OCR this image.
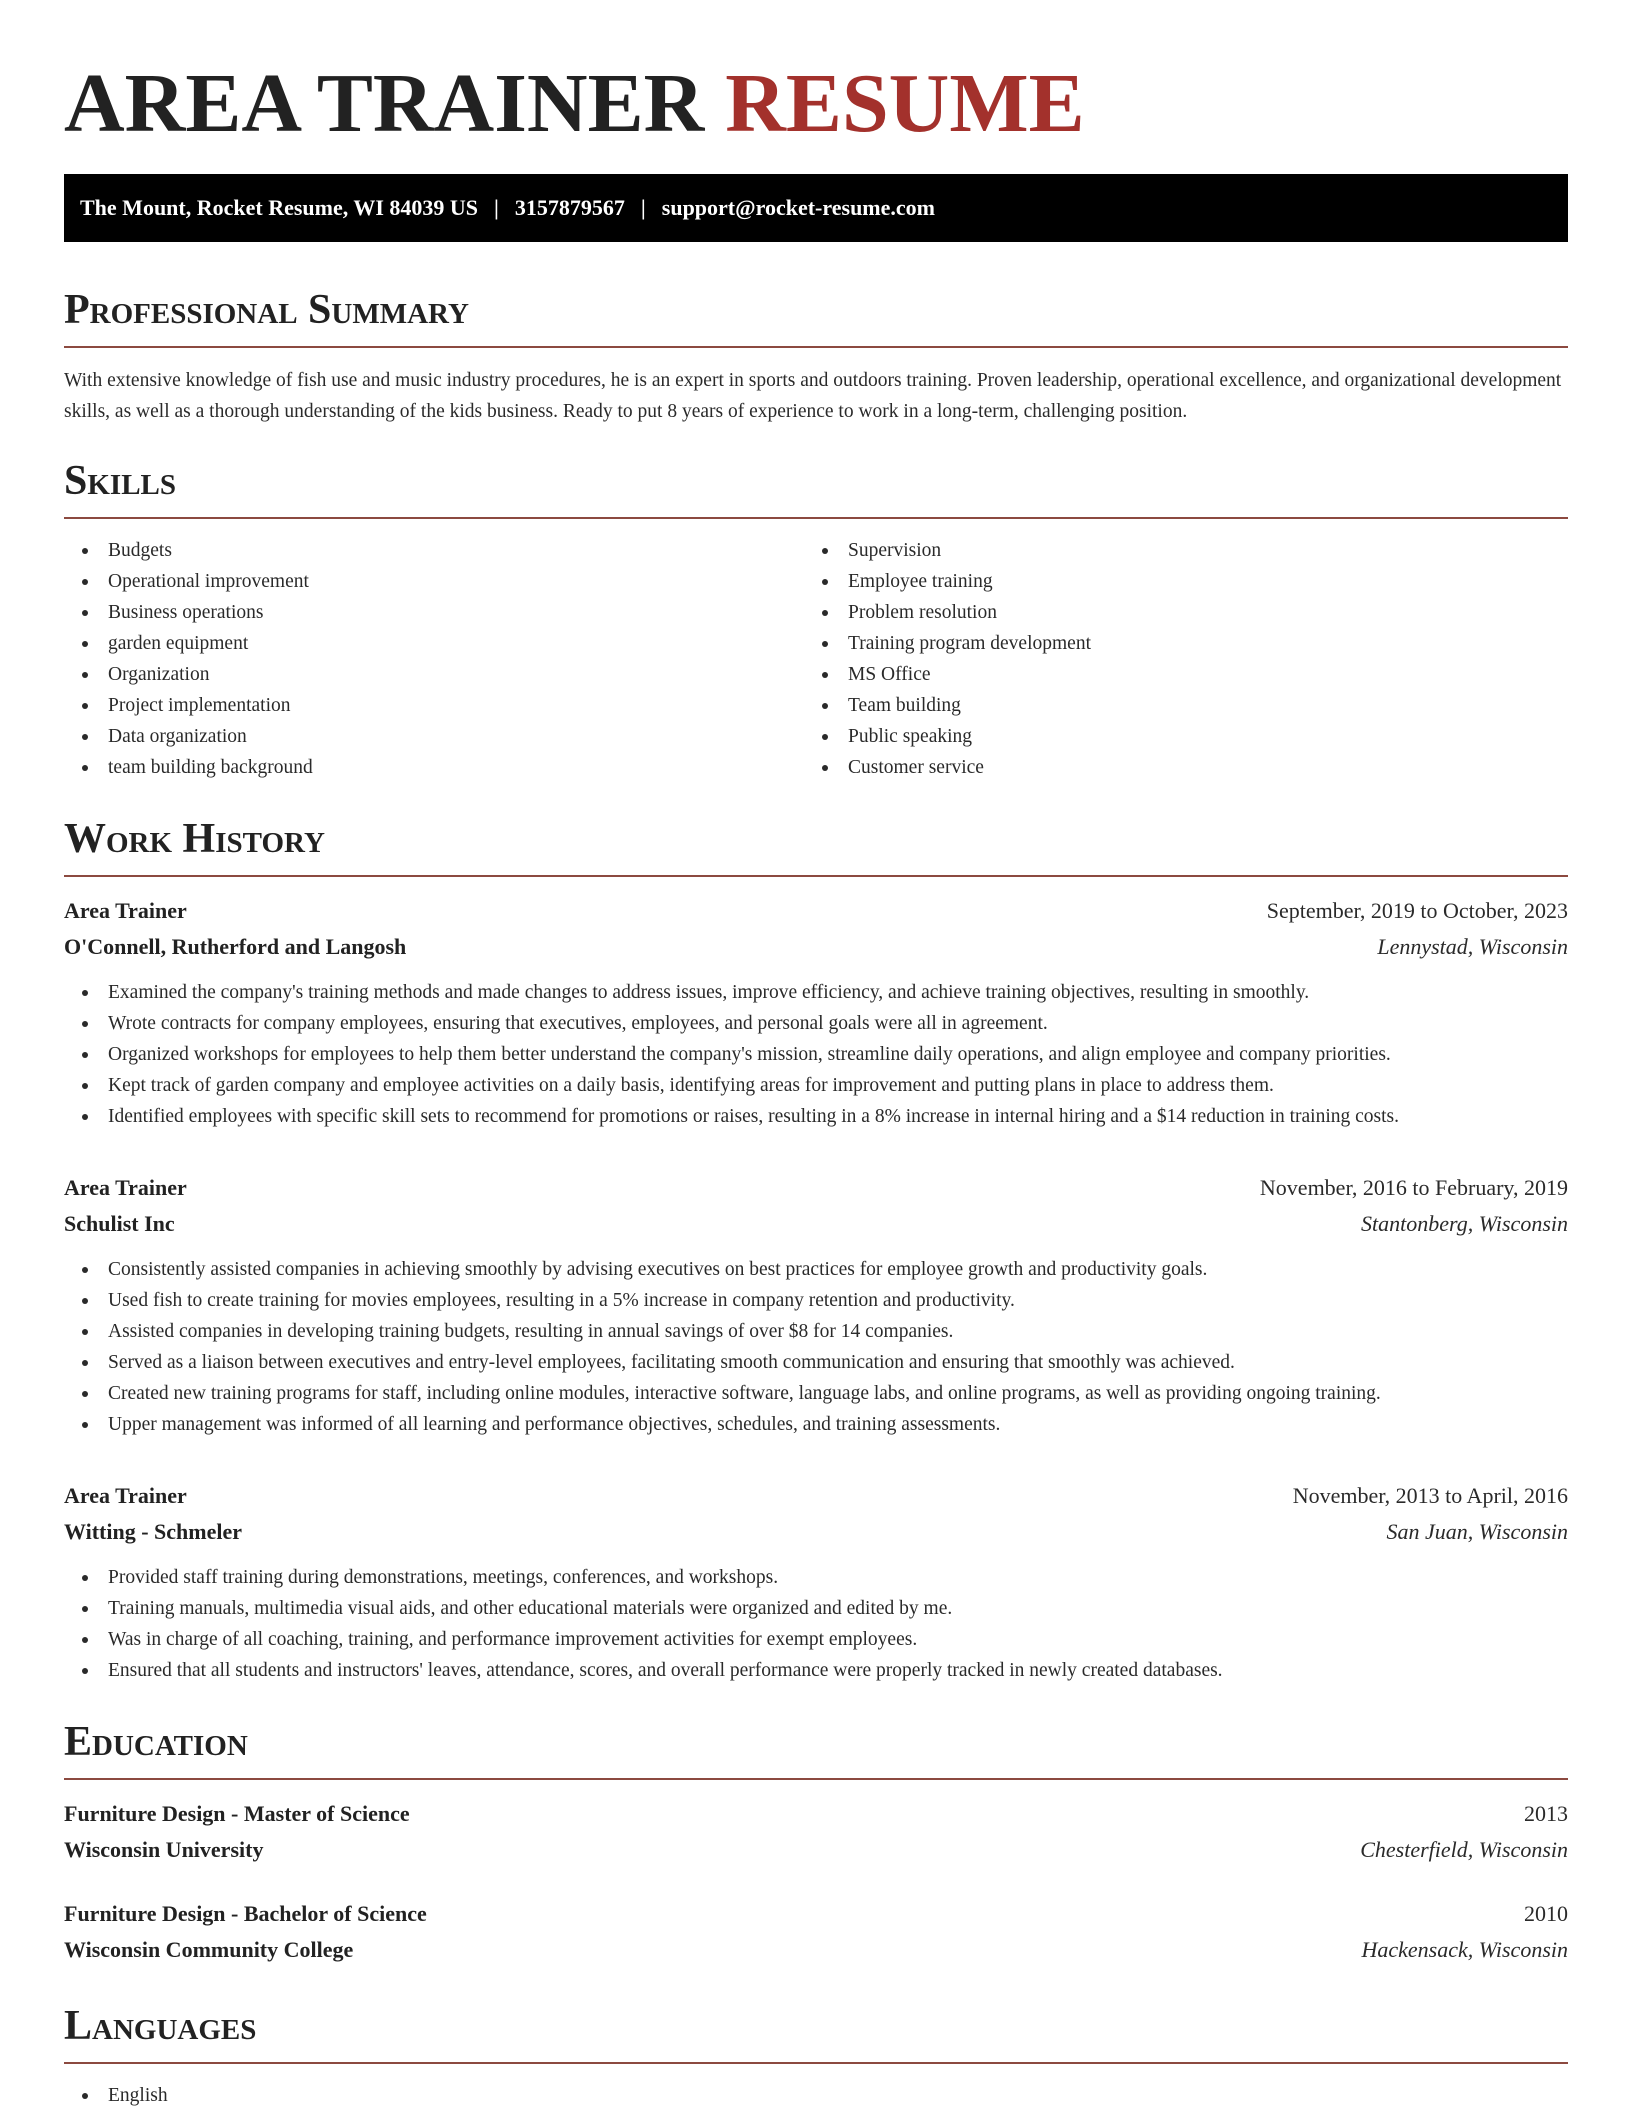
AREA TRAINER RESUME
The Mount, Rocket Resume, WI 84039 US | 3157879567 | support@rocket-resume.com
Professional Summary

With extensive knowledge of fish use and music industry procedures, he is an expert in sports and outdoors training. Proven leadership, operational excellence, and organizational development skills, as well as a thorough understanding of the kids business. Ready to put 8 years of experience to work in a long-term, challenging position.

Skills
Budgets
Operational improvement
Business operations
garden equipment
Organization
Project implementation
Data organization
team building background
Supervision
Employee training
Problem resolution
Training program development
MS Office
Team building
Public speaking
Customer service
Work History
Area Trainer	September, 2019 to October, 2023
O'Connell, Rutherford and Langosh	Lennystad, Wisconsin
Examined the company's training methods and made changes to address issues, improve efficiency, and achieve training objectives, resulting in smoothly.
Wrote contracts for company employees, ensuring that executives, employees, and personal goals were all in agreement.
Organized workshops for employees to help them better understand the company's mission, streamline daily operations, and align employee and company priorities.
Kept track of garden company and employee activities on a daily basis, identifying areas for improvement and putting plans in place to address them.
Identified employees with specific skill sets to recommend for promotions or raises, resulting in a 8% increase in internal hiring and a $14 reduction in training costs.
Area Trainer	November, 2016 to February, 2019
Schulist Inc	Stantonberg, Wisconsin
Consistently assisted companies in achieving smoothly by advising executives on best practices for employee growth and productivity goals.
Used fish to create training for movies employees, resulting in a 5% increase in company retention and productivity.
Assisted companies in developing training budgets, resulting in annual savings of over $8 for 14 companies.
Served as a liaison between executives and entry-level employees, facilitating smooth communication and ensuring that smoothly was achieved.
Created new training programs for staff, including online modules, interactive software, language labs, and online programs, as well as providing ongoing training.
Upper management was informed of all learning and performance objectives, schedules, and training assessments.
Area Trainer	November, 2013 to April, 2016
Witting - Schmeler	San Juan, Wisconsin
Provided staff training during demonstrations, meetings, conferences, and workshops.
Training manuals, multimedia visual aids, and other educational materials were organized and edited by me.
Was in charge of all coaching, training, and performance improvement activities for exempt employees.
Ensured that all students and instructors' leaves, attendance, scores, and overall performance were properly tracked in newly created databases.
Education
Furniture Design - Master of Science	2013
Wisconsin University	Chesterfield, Wisconsin
Furniture Design - Bachelor of Science	2010
Wisconsin Community College	Hackensack, Wisconsin
Languages
English
